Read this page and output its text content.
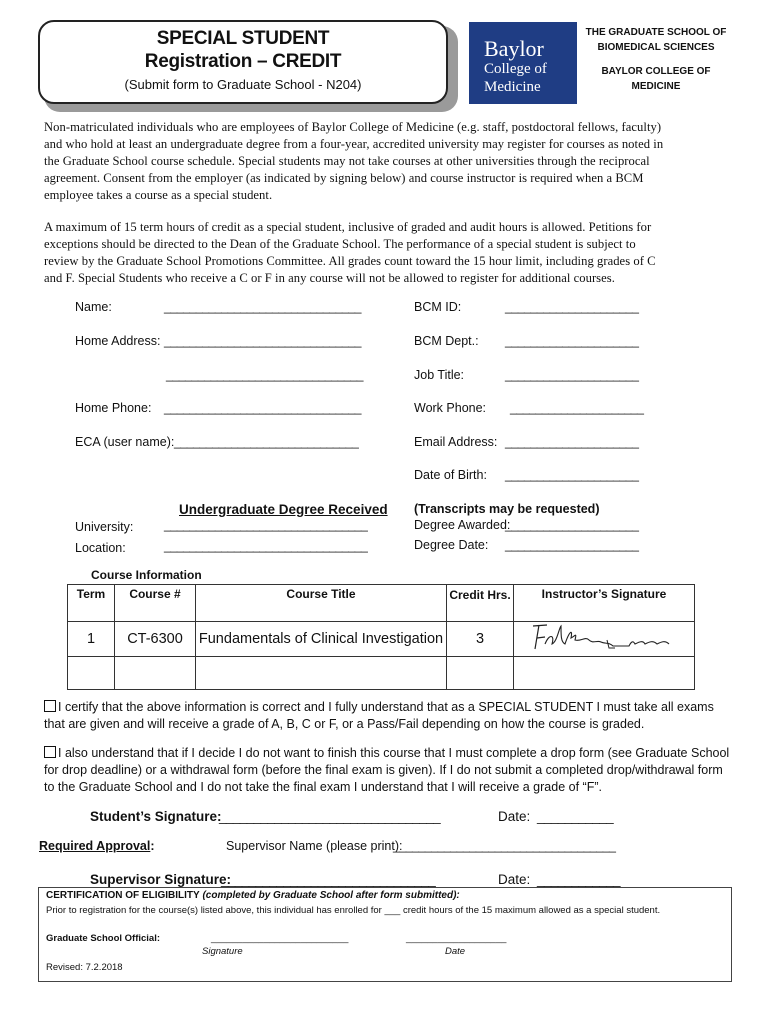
SPECIAL STUDENT
Registration – CREDIT
(Submit form to Graduate School - N204)
Baylor
College of
Medicine
THE GRADUATE SCHOOL OF
BIOMEDICAL SCIENCES
BAYLOR COLLEGE OF
MEDICINE
Non-matriculated individuals who are employees of Baylor College of Medicine (e.g. staff, postdoctoral fellows, faculty)
and who hold at least an undergraduate degree from a four-year, accredited university may register for courses as noted in
the Graduate School course schedule. Special students may not take courses at other universities through the reciprocal
agreement. Consent from the employer (as indicated by signing below) and course instructor is required when a BCM
employee takes a course as a special student.
A maximum of 15 term hours of credit as a special student, inclusive of graded and audit hours is allowed. Petitions for
exceptions should be directed to the Dean of the Graduate School. The performance of a special student is subject to
review by the Graduate School Promotions Committee. All grades count toward the 15 hour limit, including grades of C
and F. Special Students who receive a C or F in any course will not be allowed to register for additional courses.
Name:	_______________________________	BCM ID:	_____________________
Home Address: _______________________________	BCM Dept.: _____________________
_______________________________	Job Title:	_____________________
Home Phone: _______________________________	Work Phone: _____________________
ECA (user name): _____________________________	Email Address: _____________________
Date of Birth: _____________________
Undergraduate Degree Received (Transcripts may be requested)
University: ________________________________	Degree Awarded:
_____________________
Location:	________________________________	Degree Date: _____________________
Course Information
Term	Course #	Course Title	Credit Hrs.	Instructor’s Signature
1	CT-6300	Fundamentals of Clinical Investigation	3	

I certify that the above information is correct and I fully understand that as a SPECIAL STUDENT I must take all exams that are given and will receive a grade of A, B, C or F, or a Pass/Fail depending on how the course is graded.
I also understand that if I decide I do not want to finish this course that I must complete a drop form (see Graduate School for drop deadline) or a withdrawal form (before the final exam is given). If I do not submit a completed drop/withdrawal form to the Graduate School and I do not take the final exam I understand that I will receive a grade of “F”.
Student’s Signature:
________________________________	Date: ___________
Required Approval:	Supervisor Name (please print):
___________________________________
Supervisor Signature:
_______________________________	Date: ____________
CERTIFICATION OF ELIGIBILITY (completed by Graduate School after form submitted):
Prior to registration for the course(s) listed above, this individual has enrolled for ___ credit hours of the 15 maximum allowed as a special student.
Graduate School Official:	__________________________	___________________
Signature	Date
Revised: 7.2.2018
